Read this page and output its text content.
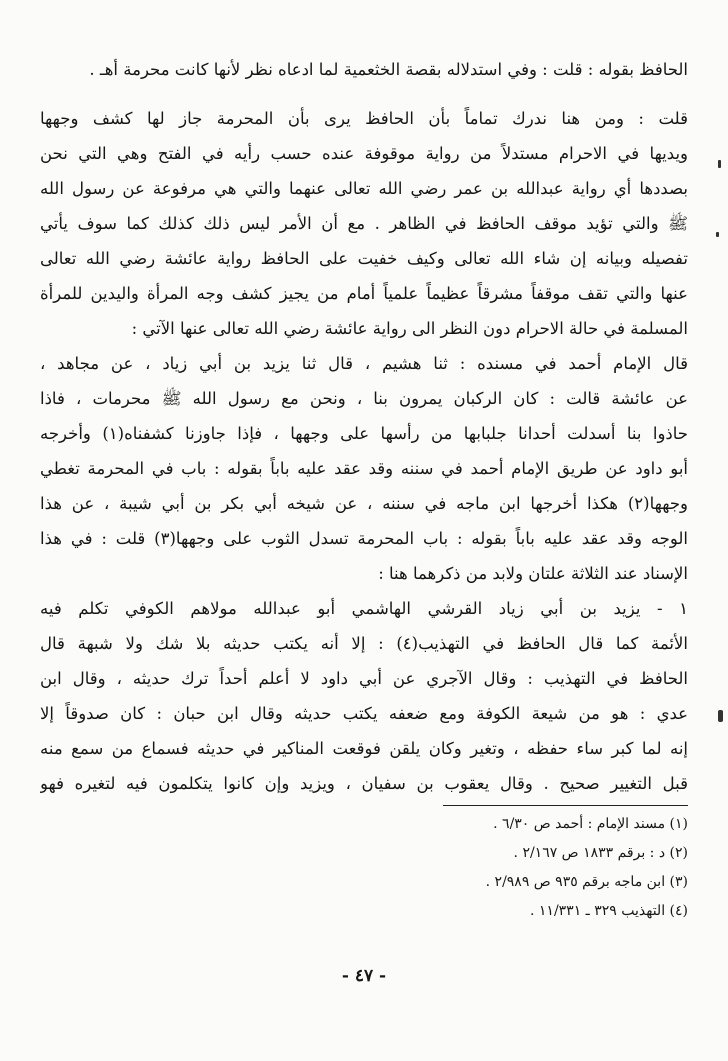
الحافظ بقوله : قلت : وفي استدلاله بقصة الخثعمية لما ادعاه نظر لأنها كانت محرمة أهـ .
قلت : ومن هنا ندرك تماماً بأن الحافظ يرى بأن المحرمة جاز لها كشف وجهها
ويديها في الاحرام مستدلاً من رواية موقوفة عنده حسب رأيه في الفتح وهي التي نحن
بصددها أي رواية عبدالله بن عمر رضي الله تعالى عنهما والتي هي مرفوعة عن رسول الله
ﷺ والتي تؤيد موقف الحافظ في الظاهر . مع أن الأمر ليس ذلك كذلك كما سوف يأتي
تفصيله وبيانه إن شاء الله تعالى وكيف خفيت على الحافظ رواية عائشة رضي الله تعالى
عنها والتي تقف موقفاً مشرقاً عظيماً علمياً أمام من يجيز كشف وجه المرأة واليدين للمرأة
المسلمة في حالة الاحرام دون النظر الى رواية عائشة رضي الله تعالى عنها الآتي :
قال الإمام أحمد في مسنده : ثنا هشيم ، قال ثنا يزيد بن أبي زياد ، عن مجاهد ،
عن عائشة قالت : كان الركبان يمرون بنا ، ونحن مع رسول الله ﷺ محرمات ، فاذا
حاذوا بنا أسدلت أحدانا جلبابها من رأسها على وجهها ، فإذا جاوزنا كشفناه(١) وأخرجه
أبو داود عن طريق الإمام أحمد في سننه وقد عقد عليه باباً بقوله : باب في المحرمة تغطي
وجهها(٢) هكذا أخرجها ابن ماجه في سننه ، عن شيخه أبي بكر بن أبي شيبة ، عن هذا
الوجه وقد عقد عليه باباً بقوله : باب المحرمة تسدل الثوب على وجهها(٣) قلت : في هذا
الإسناد عند الثلاثة علتان ولابد من ذكرهما هنا :
١ - يزيد بن أبي زياد القرشي الهاشمي أبو عبدالله مولاهم الكوفي تكلم فيه
الأئمة كما قال الحافظ في التهذيب(٤) : إلا أنه يكتب حديثه بلا شك ولا شبهة قال
الحافظ في التهذيب : وقال الآجري عن أبي داود لا أعلم أحداً ترك حديثه ، وقال ابن
عدي : هو من شيعة الكوفة ومع ضعفه يكتب حديثه وقال ابن حبان : كان صدوقاً إلا
إنه لما كبر ساء حفظه ، وتغير وكان يلقن فوقعت المناكير في حديثه فسماع من سمع منه
قبل التغيير صحيح . وقال يعقوب بن سفيان ، ويزيد وإن كانوا يتكلمون فيه لتغيره فهو
(١) مسند الإمام : أحمد ص ٦/٣٠ .
(٢) د : برقم ١٨٣٣ ص ٢/١٦٧ .
(٣) ابن ماجه برقم ٩٣٥ ص ٢/٩٨٩ .
(٤) التهذيب ٣٢٩ ـ ١١/٣٣١ .
- ٤٧ -
